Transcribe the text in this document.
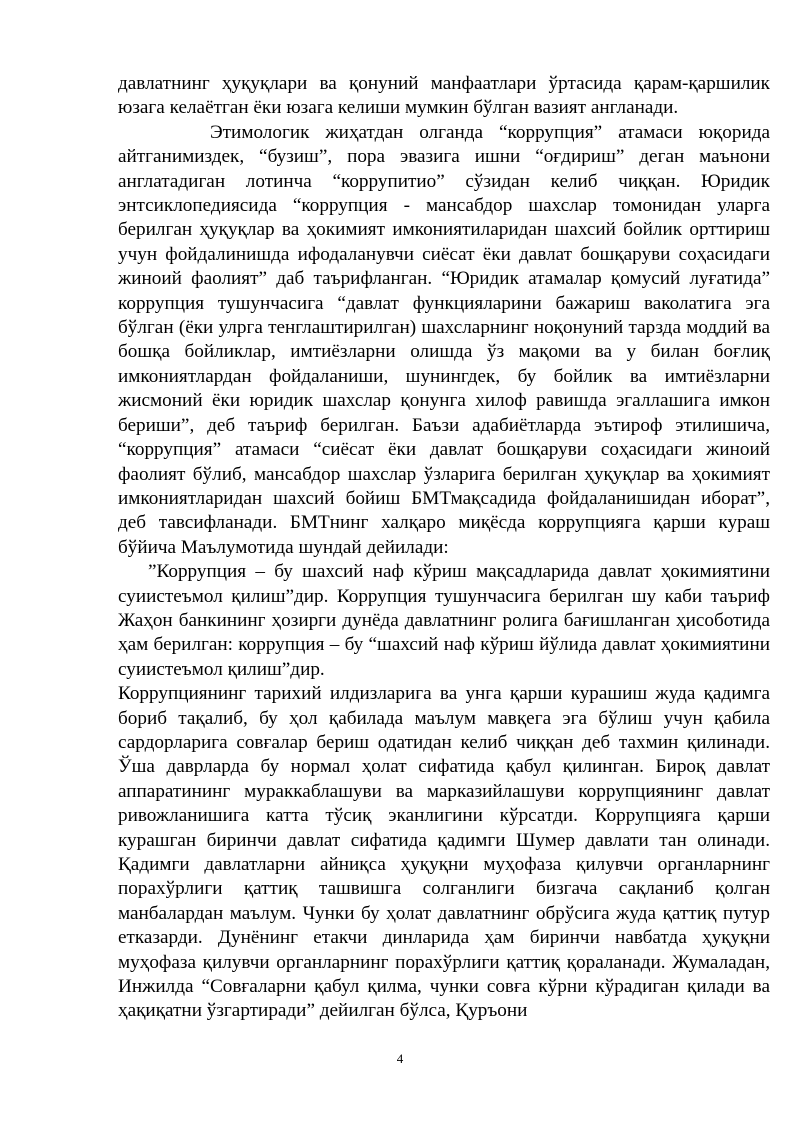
давлатнинг ҳуқуқлари ва қонуний манфаатлари ўртасида қарам-қаршилик юзага келаётган ёки юзага келиши мумкин бўлган вазият англанади.

Этимологик жиҳатдан олганда “коррупция” атамаси юқорида айтганимиздек, “бузиш”, пора эвазига ишни “оғдириш” деган маънони англатадиган лотинча “коррупитио” сўзидан келиб чиққан. Юридик энтсиклопедиясида “коррупция - мансабдор шахслар томонидан уларга берилган ҳуқуқлар ва ҳокимият имкониятиларидан шахсий бойлик орттириш учун фойдалинишда ифодаланувчи сиёсат ёки давлат бошқаруви соҳасидаги жиноий фаолият” даб таърифланган. “Юридик атамалар қомусий луғатида” коррупция тушунчасига “давлат функцияларини бажариш ваколатига эга бўлган (ёки улрга тенглаштирилган) шахсларнинг ноқонуний тарзда моддий ва бошқа бойликлар, имтиёзларни олишда ўз мақоми ва у билан боғлиқ имкониятлардан фойдаланиши, шунингдек, бу бойлик ва имтиёзларни жисмоний ёки юридик шахслар қонунга хилоф равишда эгаллашига имкон бериши”, деб таъриф берилган. Баъзи адабиётларда эътироф этилишича, “коррупция” атамаси “сиёсат ёки давлат бошқаруви соҳасидаги жиноий фаолият бўлиб, мансабдор шахслар ўзларига берилган ҳуқуқлар ва ҳокимият имкониятларидан шахсий бойиш БМТмақсадида фойдаланишидан иборат”, деб тавсифланади. БМТнинг халқаро миқёсда коррупцияга қарши кураш бўйича Маълумотида шундай дейилади:

”Коррупция – бу шахсий наф кўриш мақсадларида давлат ҳокимиятини суиистеъмол қилиш”дир. Коррупция тушунчасига берилган шу каби таъриф Жаҳон банкининг ҳозирги дунёда давлатнинг ролига бағишланган ҳисоботида ҳам берилган: коррупция – бу “шахсий наф кўриш йўлида давлат ҳокимиятини суиистеъмол қилиш”дир.

Коррупциянинг тарихий илдизларига ва унга қарши курашиш жуда қадимга бориб тақалиб, бу ҳол қабилада маълум мавқега эга бўлиш учун қабила сардорларига совғалар бериш одатидан келиб чиққан деб тахмин қилинади. Ўша даврларда бу нормал ҳолат сифатида қабул қилинган. Бироқ давлат аппаратининг мураккаблашуви ва марказийлашуви коррупциянинг давлат ривожланишига катта тўсиқ эканлигини кўрсатди. Коррупцияга қарши курашган биринчи давлат сифатида қадимги Шумер давлати тан олинади. Қадимги давлатларни айниқса ҳуқуқни муҳофаза қилувчи органларнинг порахўрлиги қаттиқ ташвишга солганлиги бизгача сақланиб қолган манбалардан маълум. Чунки бу ҳолат давлатнинг обрўсига жуда қаттиқ путур етказарди. Дунёнинг етакчи динларида ҳам биринчи навбатда ҳуқуқни муҳофаза қилувчи органларнинг порахўрлиги қаттиқ қораланади. Жумаладан, Инжилда “Совғаларни қабул қилма, чунки совға кўрни кўрадиган қилади ва ҳақиқатни ўзгартиради” дейилган бўлса, Қуръони

4
